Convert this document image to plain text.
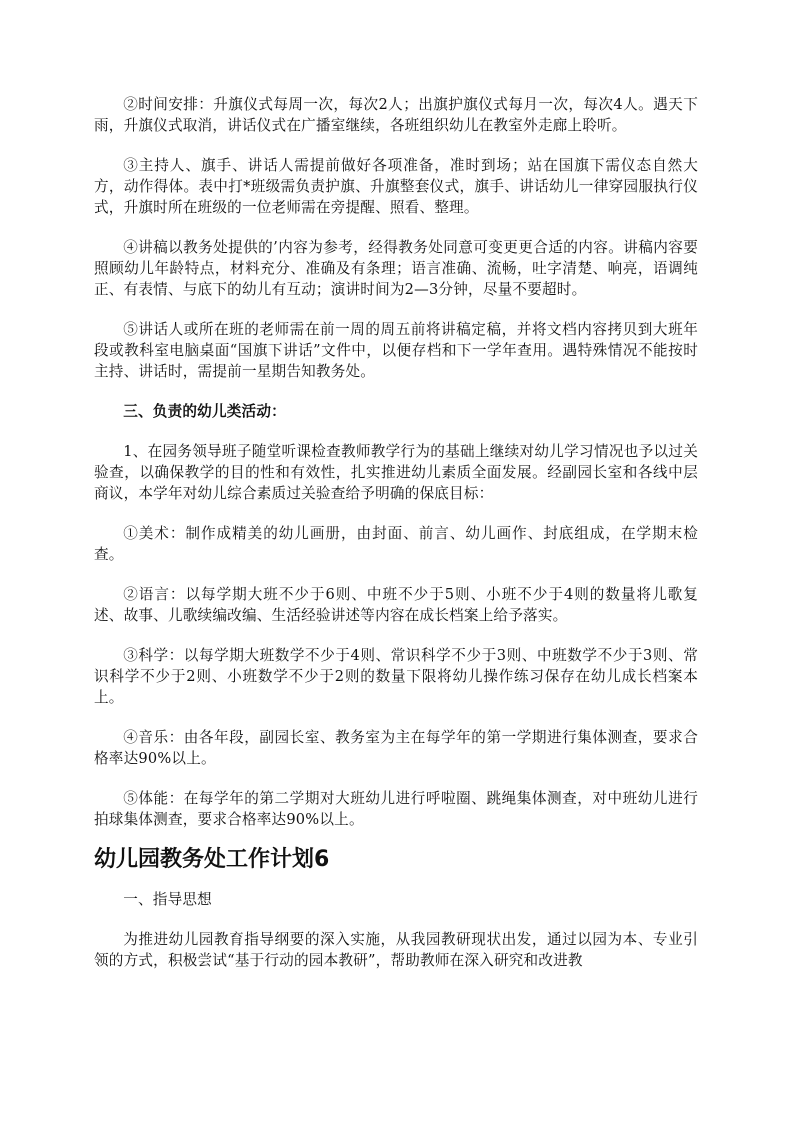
②时间安排：升旗仪式每周一次，每次2人；出旗护旗仪式每月一次，每次4人。遇天下雨，升旗仪式取消，讲话仪式在广播室继续，各班组织幼儿在教室外走廊上聆听。

③主持人、旗手、讲话人需提前做好各项准备，准时到场；站在国旗下需仪态自然大方，动作得体。表中打*班级需负责护旗、升旗整套仪式，旗手、讲话幼儿一律穿园服执行仪式，升旗时所在班级的一位老师需在旁提醒、照看、整理。

④讲稿以教务处提供的’内容为参考，经得教务处同意可变更更合适的内容。讲稿内容要照顾幼儿年龄特点，材料充分、准确及有条理；语言准确、流畅，吐字清楚、响亮，语调纯正、有表情、与底下的幼儿有互动；演讲时间为2—3分钟，尽量不要超时。

⑤讲话人或所在班的老师需在前一周的周五前将讲稿定稿，并将文档内容拷贝到大班年段或教科室电脑桌面“国旗下讲话”文件中，以便存档和下一学年查用。遇特殊情况不能按时主持、讲话时，需提前一星期告知教务处。

三、负责的幼儿类活动：

1、在园务领导班子随堂听课检查教师教学行为的基础上继续对幼儿学习情况也予以过关验查，以确保教学的目的性和有效性，扎实推进幼儿素质全面发展。经副园长室和各线中层商议，本学年对幼儿综合素质过关验查给予明确的保底目标：

①美术：制作成精美的幼儿画册，由封面、前言、幼儿画作、封底组成，在学期末检查。

②语言：以每学期大班不少于6则、中班不少于5则、小班不少于4则的数量将儿歌复述、故事、儿歌续编改编、生活经验讲述等内容在成长档案上给予落实。

③科学：以每学期大班数学不少于4则、常识科学不少于3则、中班数学不少于3则、常识科学不少于2则、小班数学不少于2则的数量下限将幼儿操作练习保存在幼儿成长档案本上。

④音乐：由各年段，副园长室、教务室为主在每学年的第一学期进行集体测查，要求合格率达90%以上。

⑤体能：在每学年的第二学期对大班幼儿进行呼啦圈、跳绳集体测查，对中班幼儿进行拍球集体测查，要求合格率达90%以上。

幼儿园教务处工作计划6

一、指导思想

为推进幼儿园教育指导纲要的深入实施，从我园教研现状出发，通过以园为本、专业引领的方式，积极尝试“基于行动的园本教研”，帮助教师在深入研究和改进教
